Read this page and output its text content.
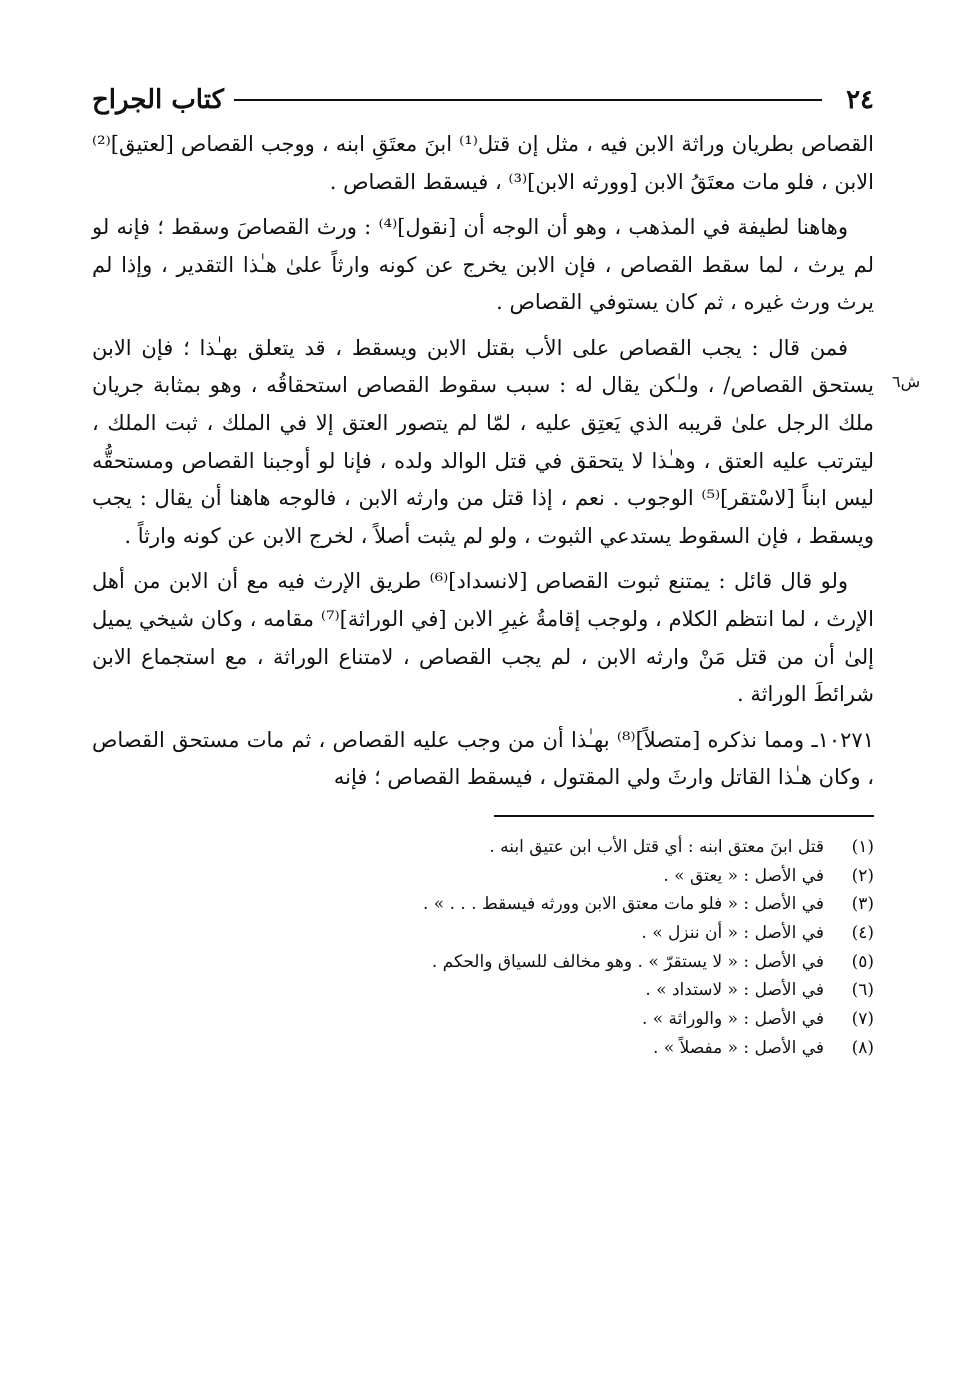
٢٤
كتاب الجراح

القصاص بطريان وراثة الابن فيه ، مثل إن قتل⁽¹⁾ ابنَ معتَقِ ابنه ، ووجب القصاص [لعتيق]⁽²⁾ الابن ، فلو مات معتَقُ الابن [وورثه الابن]⁽³⁾ ، فيسقط القصاص .

وهاهنا لطيفة في المذهب ، وهو أن الوجه أن [نقول]⁽⁴⁾ : ورث القصاصَ وسقط ؛ فإنه لو لم يرث ، لما سقط القصاص ، فإن الابن يخرج عن كونه وارثاً علىٰ هـٰذا التقدير ، وإذا لم يرث ورث غيره ، ثم كان يستوفي القصاص .

ش٦

فمن قال : يجب القصاص على الأب بقتل الابن ويسقط ، قد يتعلق بهـٰذا ؛ فإن الابن يستحق القصاص/ ، ولـٰكن يقال له : سبب سقوط القصاص استحقاقُه ، وهو بمثابة جريان ملك الرجل علىٰ قريبه الذي يَعتِق عليه ، لمّا لم يتصور العتق إلا في الملك ، ثبت الملك ، ليترتب عليه العتق ، وهـٰذا لا يتحقق في قتل الوالد ولده ، فإنا لو أوجبنا القصاص ومستحقُّه ليس ابناً [لاسْتقر]⁽⁵⁾ الوجوب . نعم ، إذا قتل من وارثه الابن ، فالوجه هاهنا أن يقال : يجب ويسقط ، فإن السقوط يستدعي الثبوت ، ولو لم يثبت أصلاً ، لخرج الابن عن كونه وارثاً .

ولو قال قائل : يمتنع ثبوت القصاص [لانسداد]⁽⁶⁾ طريق الإرث فيه مع أن الابن من أهل الإرث ، لما انتظم الكلام ، ولوجب إقامةُ غيرِ الابن [في الوراثة]⁽⁷⁾ مقامه ، وكان شيخي يميل إلىٰ أن من قتل مَنْ وارثه الابن ، لم يجب القصاص ، لامتناع الوراثة ، مع استجماع الابن شرائطَ الوراثة .

١٠٢٧١ـ ومما نذكره [متصلاً]⁽⁸⁾ بهـٰذا أن من وجب عليه القصاص ، ثم مات مستحق القصاص ، وكان هـٰذا القاتل وارثَ ولي المقتول ، فيسقط القصاص ؛ فإنه

(١)
قتل ابنَ معتق ابنه : أي قتل الأب ابن عتيق ابنه .
(٢)
في الأصل : « يعتق » .
(٣)
في الأصل : « فلو مات معتق الابن وورثه فيسقط . . . » .
(٤)
في الأصل : « أن ننزل » .
(٥)
في الأصل : « لا يستقرّ » . وهو مخالف للسياق والحكم .
(٦)
في الأصل : « لاستداد » .
(٧)
في الأصل : « والوراثة » .
(٨)
في الأصل : « مفصلاً » .
